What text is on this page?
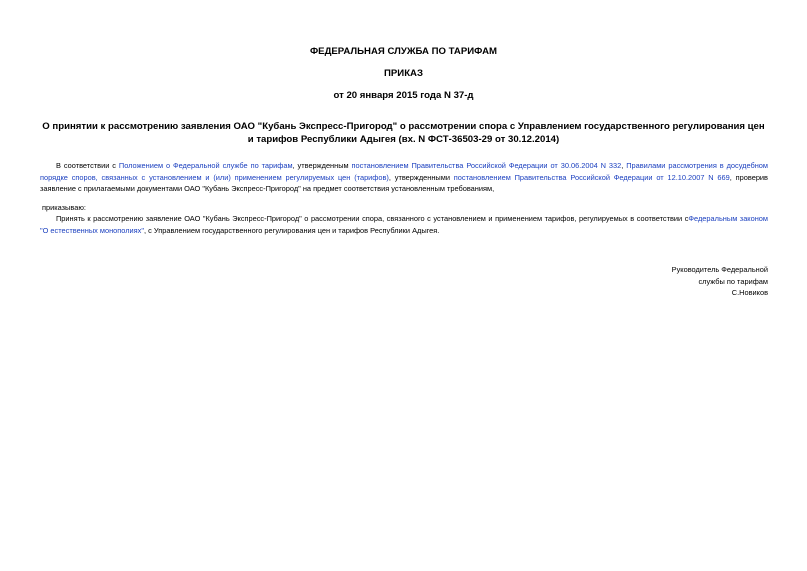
ФЕДЕРАЛЬНАЯ СЛУЖБА ПО ТАРИФАМ
ПРИКАЗ
от 20 января 2015 года N 37-д
О принятии к рассмотрению заявления ОАО "Кубань Экспресс-Пригород" о рассмотрении спора с Управлением государственного регулирования цен и тарифов Республики Адыгея (вх. N ФСТ-36503-29 от 30.12.2014)
В соответствии с Положением о Федеральной службе по тарифам, утвержденным постановлением Правительства Российской Федерации от 30.06.2004 N 332, Правилами рассмотрения в досудебном порядке споров, связанных с установлением и (или) применением регулируемых цен (тарифов), утвержденными постановлением Правительства Российской Федерации от 12.10.2007 N 669, проверив заявление с прилагаемыми документами ОАО "Кубань Экспресс-Пригород" на предмет соответствия установленным требованиям,
приказываю:
Принять к рассмотрению заявление ОАО "Кубань Экспресс-Пригород" о рассмотрении спора, связанного с установлением и применением тарифов, регулируемых в соответствии сФедеральным законом "О естественных монополиях", с Управлением государственного регулирования цен и тарифов Республики Адыгея.
Руководитель Федеральной
службы по тарифам
С.Новиков
